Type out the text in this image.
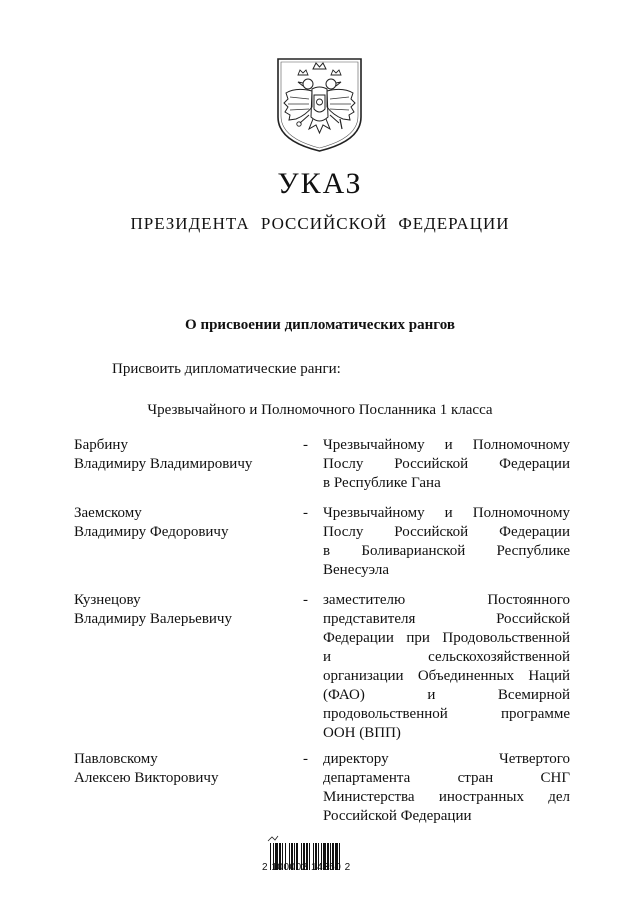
УКАЗ
ПРЕЗИДЕНТА РОССИЙСКОЙ ФЕДЕРАЦИИ
О присвоении дипломатических рангов
Присвоить дипломатические ранги:
Чрезвычайного и Полномочного Посланника 1 класса
Барбину
Владимиру Владимировичу
- Чрезвычайному и Полномочному
Послу Российской Федерации
в Республике Гана
Заемскому
Владимиру Федоровичу
- Чрезвычайному и Полномочному
Послу Российской Федерации
в Боливарианской Республике
Венесуэла
Кузнецову
Владимиру Валерьевичу
- заместителю Постоянного
представителя Российской
Федерации при Продовольственной
и сельскохозяйственной
организации Объединенных Наций
(ФАО) и Всемирной
продовольственной программе
ООН (ВПП)
Павловскому
Алексею Викторовичу
- директору Четвертого
департамента стран СНГ
Министерства иностранных дел
Российской Федерации
2 100002 14350 2
